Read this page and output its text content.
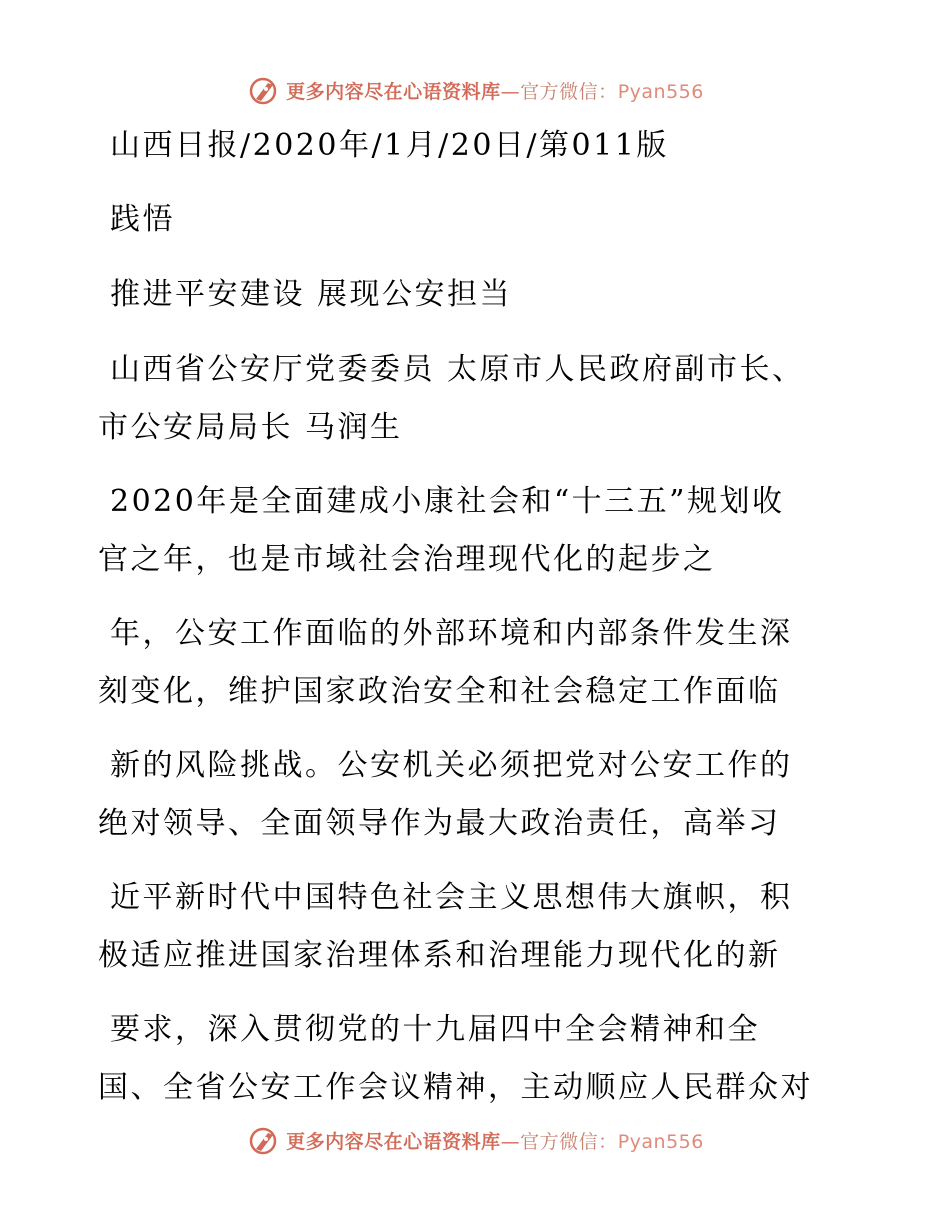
更多内容尽在心语资料库—官方微信：Pyan556
山西日报/2020年/1月/20日/第011版
践悟
推进平安建设 展现公安担当
山西省公安厅党委委员 太原市人民政府副市长、
市公安局局长 马润生
2020年是全面建成小康社会和“十三五”规划收
官之年，也是市域社会治理现代化的起步之
年，公安工作面临的外部环境和内部条件发生深
刻变化，维护国家政治安全和社会稳定工作面临
新的风险挑战。公安机关必须把党对公安工作的
绝对领导、全面领导作为最大政治责任，高举习
近平新时代中国特色社会主义思想伟大旗帜，积
极适应推进国家治理体系和治理能力现代化的新
要求，深入贯彻党的十九届四中全会精神和全
国、全省公安工作会议精神，主动顺应人民群众对
更多内容尽在心语资料库—官方微信：Pyan556
